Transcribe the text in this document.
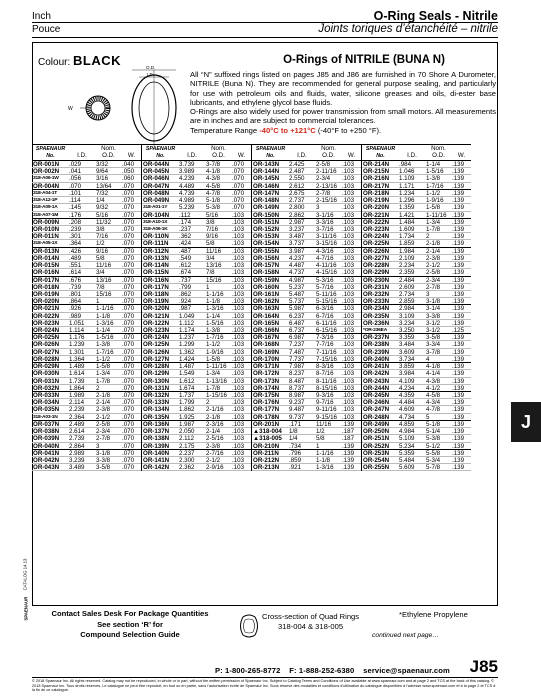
Inch
Pouce
O-Ring Seals - Nitrile
Joints toriques d’étanchéité – nitrile
Colour: BLACK	O-Rings of NITRILE (BUNA N)
W
O.D.
I.D.	All “N” suffixed rings listed on pages J85 and J86 are furnished in 70 Shore A Durometer, NITRILE (Buna N). They are recommended for general purpose sealing, and particularly for use with petroleum oils and fluids, water, silicone greases and oils, di-ester base lubricants, and ethylene glycol base fluids.
O-Rings are also widely used for power transmission from small motors. All measurements are in inches and are subject to commercial tolerances.
Temperature Range -40°C to +121°C (-40°F to +250 °F).
SPAENAUR No.	I.D.
Nom.
O.D.	W.
OR-001N	.029	3/32	.040
OR-002N	.041	9/64	.050
318-A06-1W	.056	3/16	.060
OR-004N	.070	13/64	.070
318-A04-1T	.101	7/32	.070
318-A12-1P	.114	1/4	.070
318-A09-1A	.145	9/32	.070
318-A07-1M	.176	5/16	.070
OR-009N	.208	11/32	.070
OR-010N	.239	3/8	.070
OR-011N	.301	7/16	.070
318-A05-1X	.364	1/2	.070
OR-013N	.426	9/16	.070
OR-014N	.489	5/8	.070
OR-015N	.551	11/16	.070
OR-016N	.614	3/4	.070
OR-017N	.676	13/16	.070
OR-018N	.739	7/8	.070
OR-019N	.801	15/16	.070
OR-020N	.864	1	.070
OR-021N	.926	1-1/16	.070
OR-022N	.989	1-1/8	.070
OR-023N	1.051	1-3/16	.070
OR-024N	1.114	1-1/4	.070
OR-025N	1.176	1-5/16	.070
OR-026N	1.239	1-3/8	.070
OR-027N	1.301	1-7/16	.070
OR-028N	1.364	1-1/2	.070
OR-029N	1.489	1-5/8	.070
OR-030N	1.614	1-3/4	.070
OR-031N	1.739	1-7/8	.070
OR-032N	1.864	2	.070
OR-033N	1.989	2-1/8	.070
OR-034N	2.114	2-1/4	.070
OR-035N	2.239	2-3/8	.070
318-A03-1N	2.364	2-1/2	.070
OR-037N	2.489	2-5/8	.070
OR-038N	2.614	2-3/4	.070
OR-039N	2.739	2-7/8	.070
OR-040N	2.864	3	.070
OR-041N	2.989	3-1/8	.070
OR-042N	3.239	3-3/8	.070
OR-043N	3.489	3-5/8	.070
SPAENAUR No.	I.D.
Nom.
O.D.	W.
OR-044N	3.739	3-7/8	.070
OR-045N	3.989	4-1/8	.070
OR-046N	4.239	4-3/8	.070
OR-047N	4.489	4-5/8	.070
OR-048N	4.739	4-7/8	.070
OR-049N	4.989	5-1/8	.070
318-A01-1Y	5.239	5-3/8	.070
OR-104N	.112	5/16	.103
318-A10-1X	.174	3/8	.103
318-A06-1K	.237	7/16	.103
OR-110N	.362	9/16	.103
OR-111N	.424	5/8	.103
OR-112N	.487	11/16	.103
OR-113N	.549	3/4	.103
OR-114N	.612	13/16	.103
OR-115N	.674	7/8	.103
OR-116N	.737	15/16	.103
OR-117N	.799	1	.103
OR-118N	.862	1-1/16	.103
OR-119N	.924	1-1/8	.103
OR-120N	.987	1-3/16	.103
OR-121N	1.049	1-1/4	.103
OR-122N	1.112	1-5/16	.103
OR-123N	1.174	1-3/8	.103
OR-124N	1.237	1-7/16	.103
OR-125N	1.299	1-1/2	.103
OR-126N	1.362	1-9/16	.103
OR-127N	1.424	1-5/8	.103
OR-128N	1.487	1-11/16 .103
OR-129N	1.549	1-3/4	.103
OR-130N	1.612	1-13/16 .103
OR-131N	1.674	1-7/8	.103
OR-132N	1.737	1-15/16 .103
OR-133N	1.799	2	.103
OR-134N	1.862	2-1/16	.103
OR-135N	1.925	2-1/8	.103
OR-136N	1.987	2-3/16	.103
OR-137N	2.050	2-1/4	.103
OR-138N	2.112	2-5/16	.103
OR-139N	2.175	2-3/8	.103
OR-140N	2.237	2-7/16	.103
OR-141N	2.300	2-1/2	.103
OR-142N	2.362	2-9/16	.103
SPAENAUR No.	I.D.
Nom.
O.D.	W.
OR-143N	2.425	2-5/8	.103
OR-144N	2.487	2-11/16 .103
OR-145N	2.550	2-3/4	.103
OR-146N	2.612	2-13/16 .103
OR-147N	2.675	2-7/8	.103
OR-148N	2.737	2-15/16 .103
OR-149N	2.800	3	.103
OR-150N	2.862	3-1/16	.103
OR-151N	2.987	3-3/16	.103
OR-152N	3.237	3-7/16	.103
OR-153N	3.487	3-11/16 .103
OR-154N	3.737	3-15/16 .103
OR-155N	3.987	4-3/16	.103
OR-156N	4.237	4-7/16	.103
OR-157N	4.487	4-11/16 .103
OR-158N	4.737	4-15/16 .103
OR-159N	4.987	5-3/16	.103
OR-160N	5.237	5-7/16	.103
OR-161N	5.487	5-11/16 .103
OR-162N	5.737	5-15/16 .103
OR-163N	5.987	6-3/16	.103
OR-164N	6.237	6-7/16	.103
OR-165N	6.487	6-11/16 .103
OR-166N	6.737	6-15/16 .103
OR-167N	6.987	7-3/16	.103
OR-168N	7.237	7-7/16	.103
OR-169N	7.487	7-11/16 .103
OR-170N	7.737	7-15/16 .103
OR-171N	7.987	8-3/16	.103
OR-172N	8.237	8-7/16	.103
OR-173N	8.487	8-11/16 .103
OR-174N	8.737	8-15/16 .103
OR-175N	8.987	9-3/16	.103
OR-176N	9.237	9-7/16	.103
OR-177N	9.487	9-11/16 .103
OR-178N	9.737	9-15/16 .103
OR-201N	.171	11/16	.139
▲318-004	1/8	1/2	.187
▲318-005	1/4	5/8	.187
OR-210N	.734	1	.139
OR-211N	.796	1-1/16	.139
OR-212N	.859	1-1/8	.139
OR-213N	.921	1-3/16	.139
SPAENAUR No.	I.D.
Nom.
O.D.	W.
OR-214N	.984	1-1/4	.139
OR-215N	1.046	1-5/16	.139
OR-216N	1.109	1-3/8	.139
OR-217N	1.171	1-7/16	.139
OR-218N	1.234	1-1/2	.139
OR-219N	1.296	1-9/16	.139
OR-220N	1.359	1-5/8	.139
OR-221N	1.421	1-11/16 .139
OR-222N	1.484	1-3/4	.139
OR-223N	1.609	1-7/8	.139
OR-224N	1.734	2	.139
OR-225N	1.859	2-1/8	.139
OR-226N	1.984	2-1/4	.139
OR-227N	2.109	2-3/8	.139
OR-228N	2.234	2-1/2	.139
OR-229N	2.359	2-5/8	.139
OR-230N	2.484	2-3/4	.139
OR-231N	2.609	2-7/8	.139
OR-232N	2.734	3	.139
OR-233N	2.859	3-1/8	.139
OR-234N	2.984	3-1/4	.139
OR-235N	3.109	3-3/8	.139
OR-236N	3.234	3-1/2	.139
*OR-236EA	3.250	3-1/2	.125
OR-237N	3.359	3-5/8	.139
OR-238N	3.484	3-3/4	.139
OR-239N	3.609	3-7/8	.139
OR-240N	3.734	4	.139
OR-241N	3.859	4-1/8	.139
OR-242N	3.984	4-1/4	.139
OR-243N	4.109	4-3/8	.139
OR-244N	4.234	4-1/2	.139
OR-245N	4.359	4-5/8	.139
OR-246N	4.484	4-3/4	.139
OR-247N	4.609	4-7/8	.139
OR-248N	4.734	5	.139
OR-249N	4.859	5-1/8	.139
OR-250N	4.984	5-1/4	.139
OR-251N	5.109	5-3/8	.139
OR-252N	5.234	5-1/2	.139
OR-253N	5.359	5-5/8	.139
OR-254N	5.484	5-3/4	.139
OR-255N	5.609	5-7/8	.139
Contact Sales Desk For Package Quantities
See section ‘R’ for
Compound Selection Guide
Cross-section of Quad Rings
318-004 & 318-005
*Ethylene Propylene
continued next page…
P: 1-800-265-8772 F: 1-888-252-6380 service@spaenaur.com J85
© 2018 Spaenaur Inc. All rights reserved. Catalog may not be reproduced, in whole or in part, without the written permission of Spaenaur Inc. Subject to Catalog Terms and Conditions of Use available at www.spaenaur.com and at page 2 and TCS at the back of this catalog. © 2018 Spaenaur Inc. Tous droits réservés. Le catalogue ne peut être reproduit, en tout ou en partie, sans l’autorisation écrite de Spaenaur Inc. Sous réserve des modalités et conditions d’utilisation du catalogue disponibles à l’adresse www.spaenaur.com et à la page 2 et TCS à la fin de ce catalogue.
J
CATALOG 14.13
SPAENAUR
